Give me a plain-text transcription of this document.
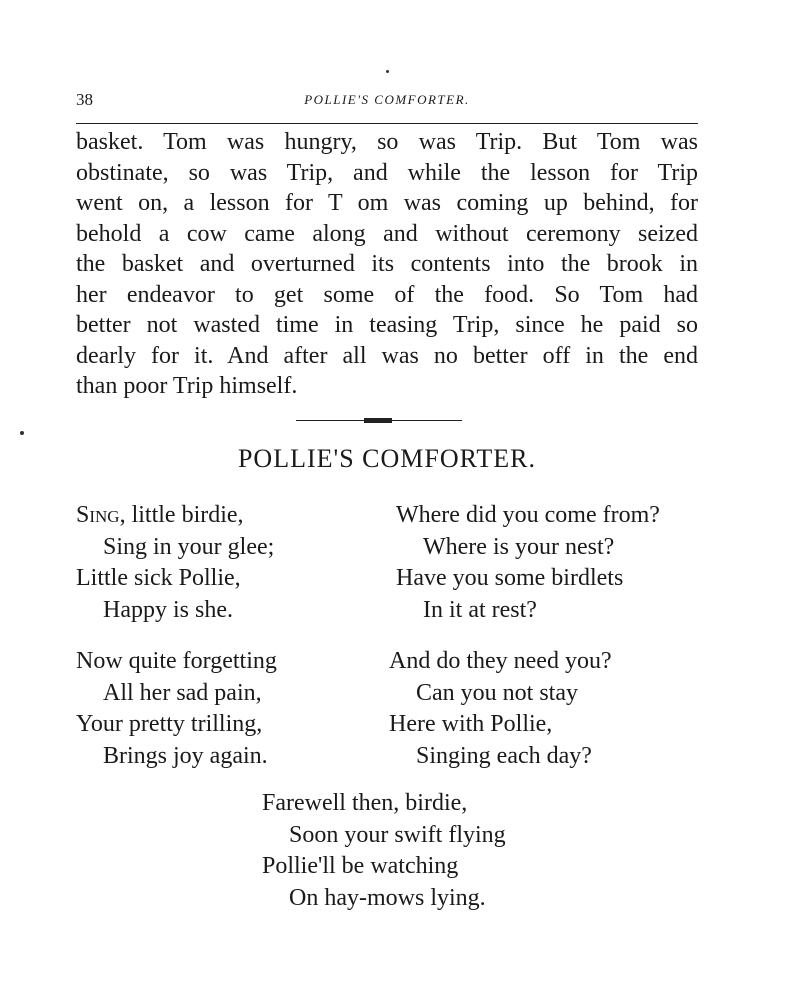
38	POLLIE'S COMFORTER.
basket. Tom was hungry, so was Trip. But Tom was
obstinate, so was Trip, and while the lesson for Trip
went on, a lesson for T om was coming up behind, for
behold a cow came along and without ceremony seized
the basket and overturned its contents into the brook in
her endeavor to get some of the food. So Tom had
better not wasted time in teasing Trip, since he paid so
dearly for it. And after all was no better off in the end
than poor Trip himself.
POLLIE'S COMFORTER.
Sing, little birdie,
Sing in your glee;
Little sick Pollie,
Happy is she.
Now quite forgetting
All her sad pain,
Your pretty trilling,
Brings joy again.
Where did you come from?
Where is your nest?
Have you some birdlets
In it at rest?
And do they need you?
Can you not stay
Here with Pollie,
Singing each day?
Farewell then, birdie,
Soon your swift flying
Pollie'll be watching
On hay-mows lying.
